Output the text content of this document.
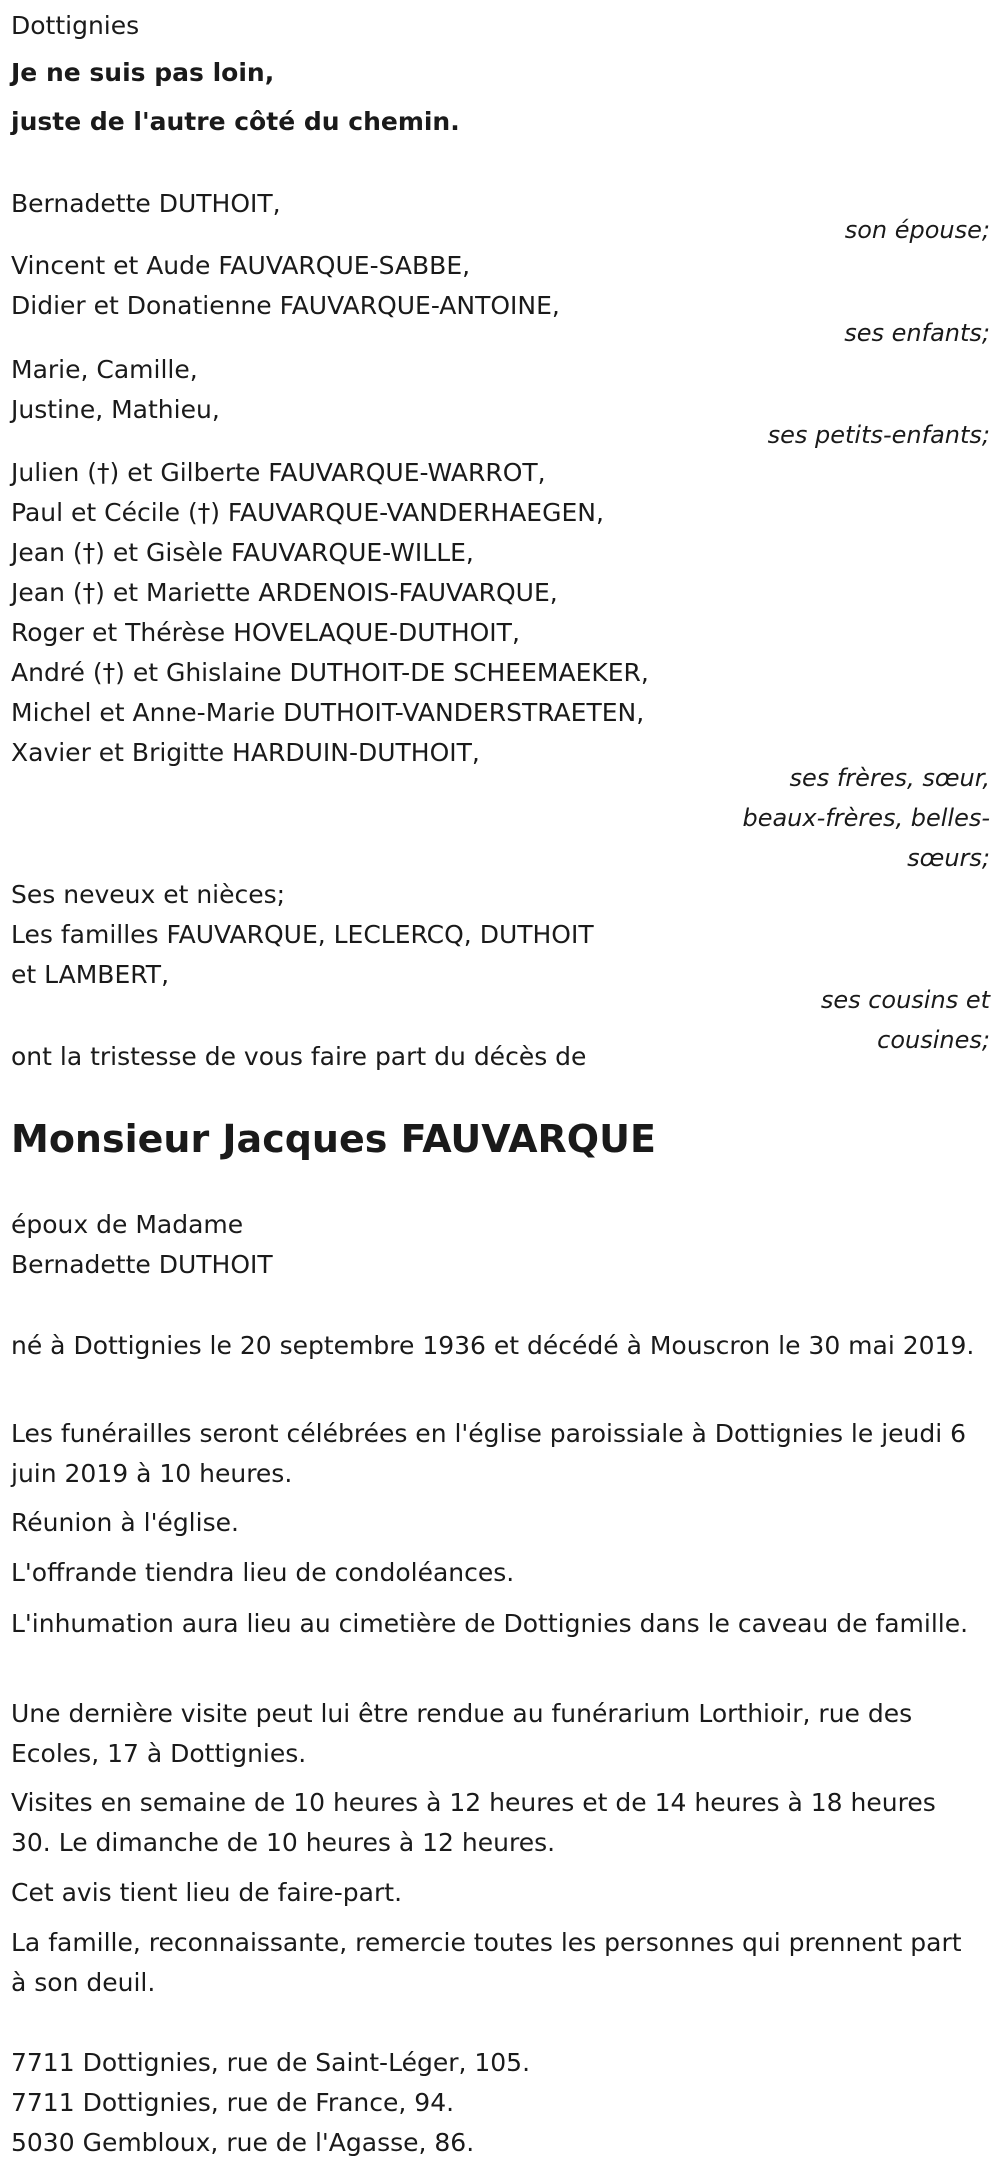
Dottignies

Je ne suis pas loin,

juste de l'autre côté du chemin.

Bernadette DUTHOIT,

son épouse;

Vincent et Aude FAUVARQUE-SABBE,

Didier et Donatienne FAUVARQUE-ANTOINE,

ses enfants;

Marie, Camille,

Justine, Mathieu,

ses petits-enfants;

Julien (†) et Gilberte FAUVARQUE-WARROT,

Paul et Cécile (†) FAUVARQUE-VANDERHAEGEN,

Jean (†) et Gisèle FAUVARQUE-WILLE,

Jean (†) et Mariette ARDENOIS-FAUVARQUE,

Roger et Thérèse HOVELAQUE-DUTHOIT,

André (†) et Ghislaine DUTHOIT-DE SCHEEMAEKER,

Michel et Anne-Marie DUTHOIT-VANDERSTRAETEN,

Xavier et Brigitte HARDUIN-DUTHOIT,

ses frères, sœur,

beaux-frères, belles-

sœurs;

Ses neveux et nièces;

Les familles FAUVARQUE, LECLERCQ, DUTHOIT

et LAMBERT,

ses cousins et

cousines;

ont la tristesse de vous faire part du décès de

Monsieur Jacques FAUVARQUE

époux de Madame

Bernadette DUTHOIT

né à Dottignies le 20 septembre 1936 et décédé à Mouscron le 30 mai 2019.

Les funérailles seront célébrées en l'église paroissiale à Dottignies le jeudi 6 juin 2019 à 10 heures.

Réunion à l'église.

L'offrande tiendra lieu de condoléances.

L'inhumation aura lieu au cimetière de Dottignies dans le caveau de famille.

Une dernière visite peut lui être rendue au funérarium Lorthioir, rue des Ecoles, 17 à Dottignies.

Visites en semaine de 10 heures à 12 heures et de 14 heures à 18 heures 30. Le dimanche de 10 heures à 12 heures.

Cet avis tient lieu de faire-part.

La famille, reconnaissante, remercie toutes les personnes qui prennent part à son deuil.

7711 Dottignies, rue de Saint-Léger, 105.

7711 Dottignies, rue de France, 94.

5030 Gembloux, rue de l'Agasse, 86.
